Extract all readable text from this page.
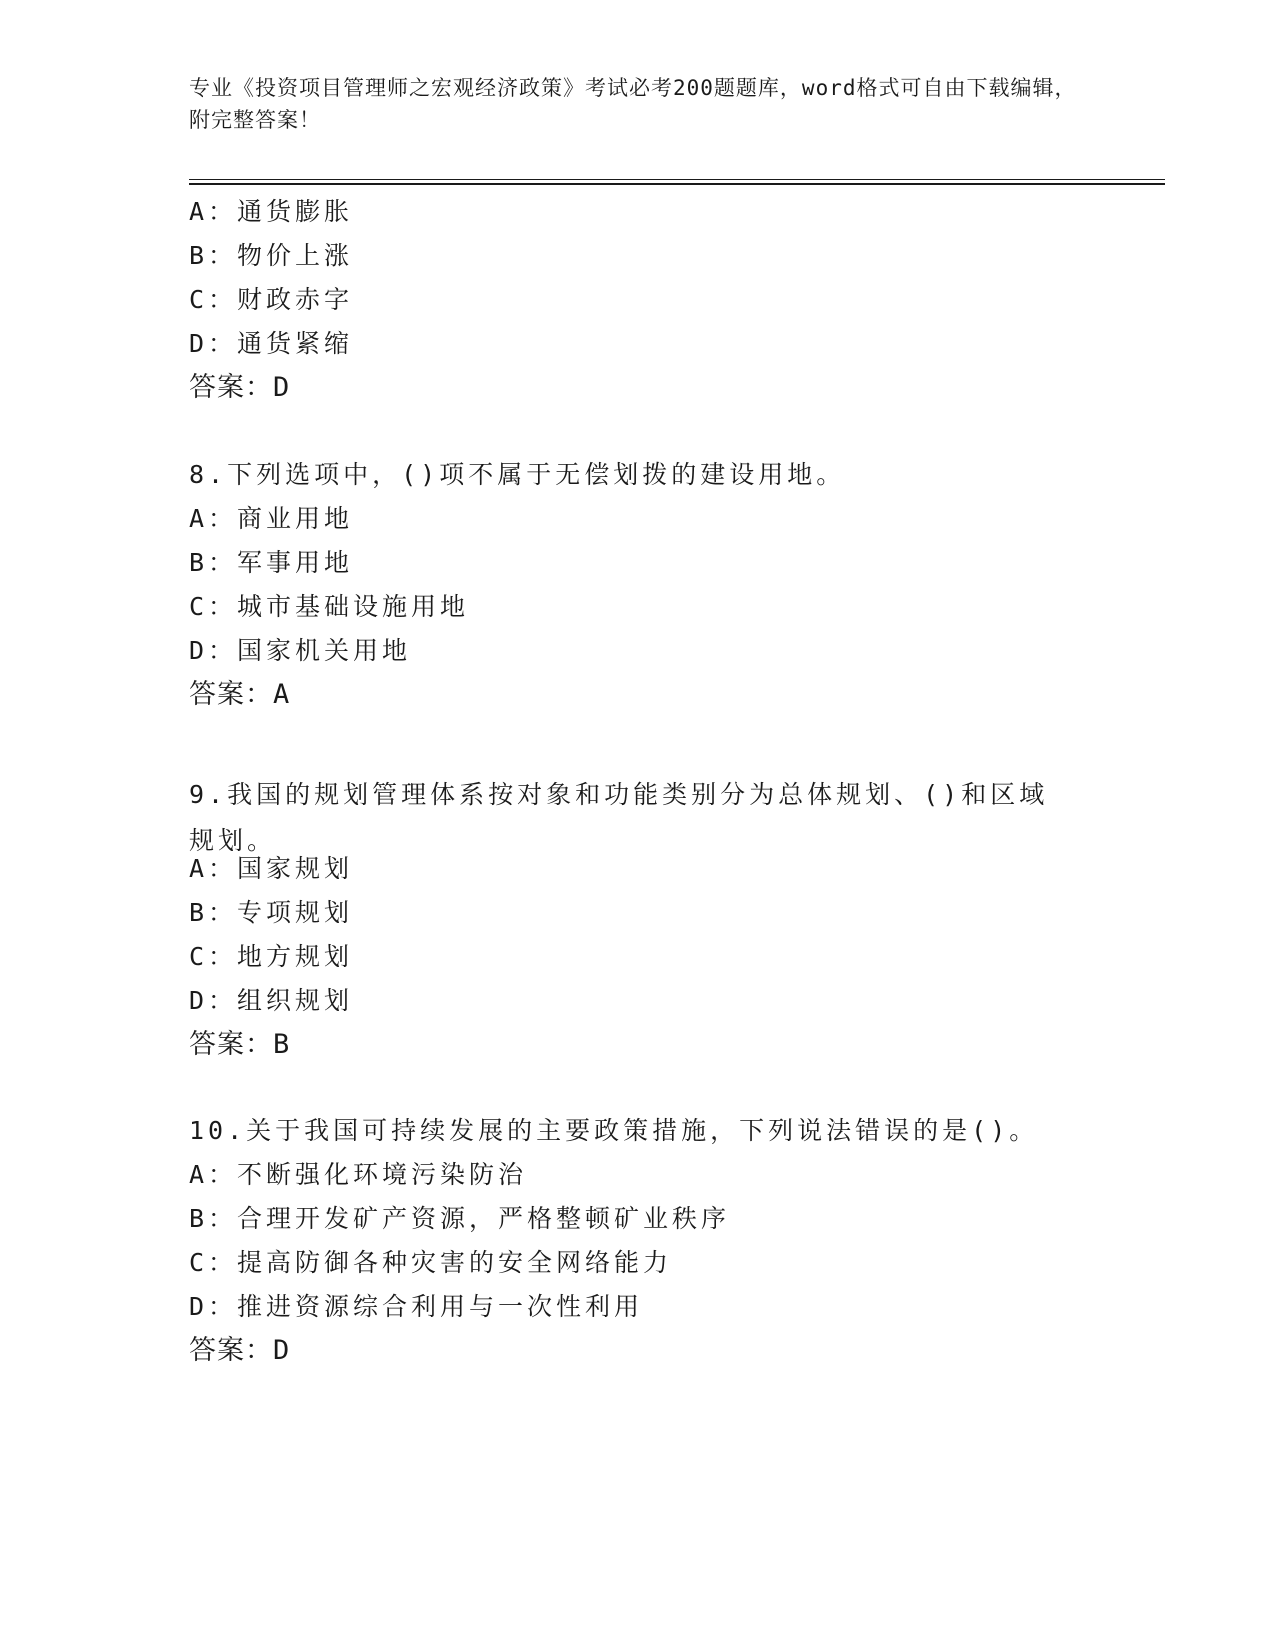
专业《投资项目管理师之宏观经济政策》考试必考200题题库，word格式可自由下载编辑，附完整答案！
A：通货膨胀
B：物价上涨
C：财政赤字
D：通货紧缩
答案：D
8.下列选项中，()项不属于无偿划拨的建设用地。
A：商业用地
B：军事用地
C：城市基础设施用地
D：国家机关用地
答案：A
9.我国的规划管理体系按对象和功能类别分为总体规划、()和区域规划。
A：国家规划
B：专项规划
C：地方规划
D：组织规划
答案：B
10.关于我国可持续发展的主要政策措施，下列说法错误的是()。
A：不断强化环境污染防治
B：合理开发矿产资源，严格整顿矿业秩序
C：提高防御各种灾害的安全网络能力
D：推进资源综合利用与一次性利用
答案：D
